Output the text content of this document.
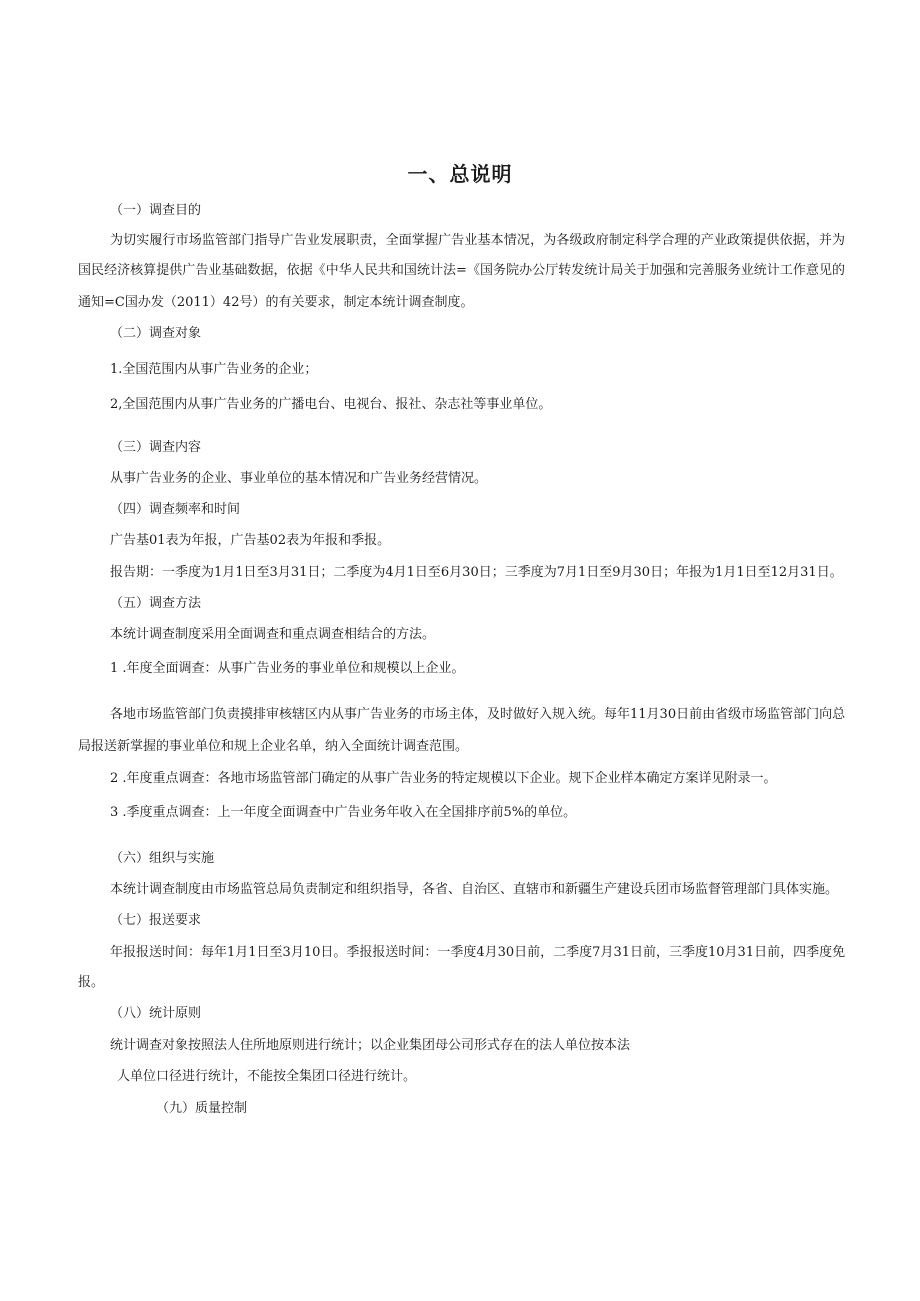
一、总说明
（一）调查目的
为切实履行市场监管部门指导广告业发展职责，全面掌握广告业基本情况，为各级政府制定科学合理的产业政策提供依据，并为
国民经济核算提供广告业基础数据，依据《中华人民共和国统计法=《国务院办公厅转发统计局关于加强和完善服务业统计工作意见的
通知=C国办发（2011）42号）的有关要求，制定本统计调查制度。
（二）调查对象
1.全国范围内从事广告业务的企业；
2,全国范围内从事广告业务的广播电台、电视台、报社、杂志社等事业单位。
（三）调查内容
从事广告业务的企业、事业单位的基本情况和广告业务经营情况。
（四）调查频率和时间
广告基01表为年报，广告基02表为年报和季报。
报告期：一季度为1月1日至3月31日；二季度为4月1日至6月30日；三季度为7月1日至9月30日；年报为1月1日至12月31日。
（五）调查方法
本统计调查制度采用全面调查和重点调查相结合的方法。
1 .年度全面调查：从事广告业务的事业单位和规模以上企业。
各地市场监管部门负责摸排审核辖区内从事广告业务的市场主体，及时做好入规入统。每年11月30日前由省级市场监管部门向总
局报送新掌握的事业单位和规上企业名单，纳入全面统计调查范围。
2 .年度重点调查：各地市场监管部门确定的从事广告业务的特定规模以下企业。规下企业样本确定方案详见附录一。
3 .季度重点调查：上一年度全面调查中广告业务年收入在全国排序前5%的单位。
（六）组织与实施
本统计调查制度由市场监管总局负责制定和组织指导，各省、自治区、直辖市和新疆生产建设兵团市场监督管理部门具体实施。
（七）报送要求
年报报送时间：每年1月1日至3月10日。季报报送时间：一季度4月30日前，二季度7月31日前，三季度10月31日前，四季度免
报。
（八）统计原则
统计调查对象按照法人住所地原则进行统计；以企业集团母公司形式存在的法人单位按本法
人单位口径进行统计，不能按全集团口径进行统计。
（九）质量控制
